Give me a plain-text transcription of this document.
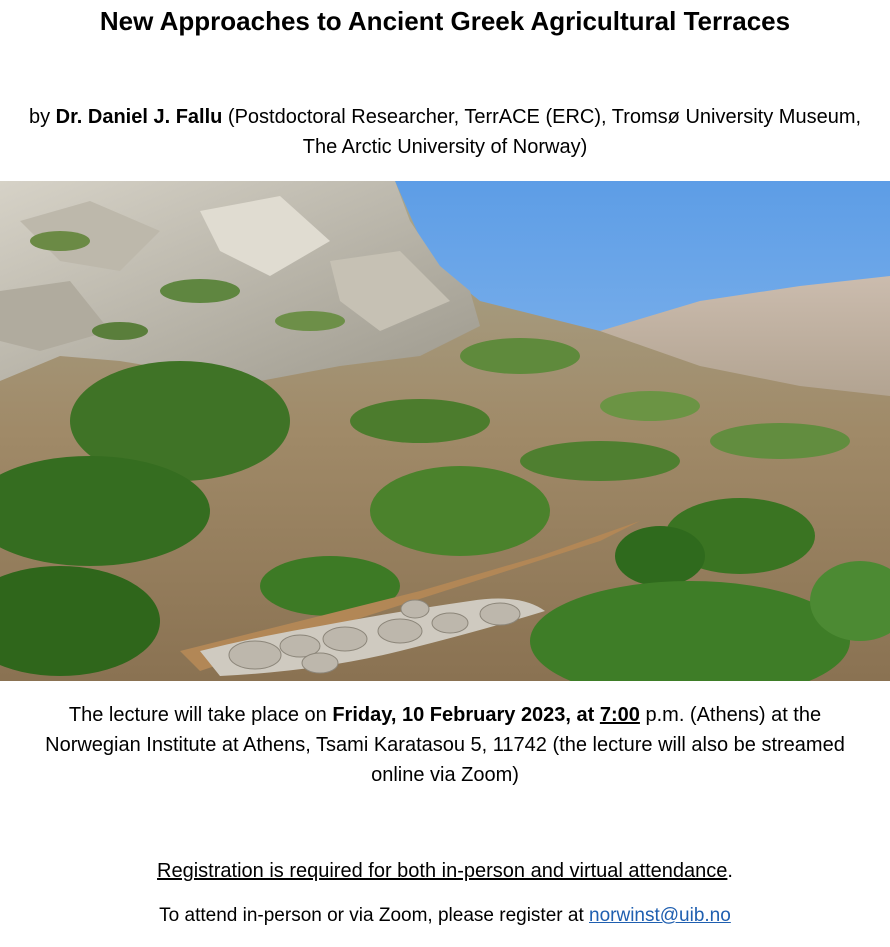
New Approaches to Ancient Greek Agricultural Terraces
by Dr. Daniel J. Fallu (Postdoctoral Researcher, TerrACE (ERC), Tromsø University Museum,
The Arctic University of Norway)
The lecture will take place on Friday, 10 February 2023, at 7:00 p.m. (Athens) at the
Norwegian Institute at Athens, Tsami Karatasou 5, 11742 (the lecture will also be streamed
online via Zoom)
Registration is required for both in-person and virtual attendance.
To attend in-person or via Zoom, please register at norwinst@uib.no
